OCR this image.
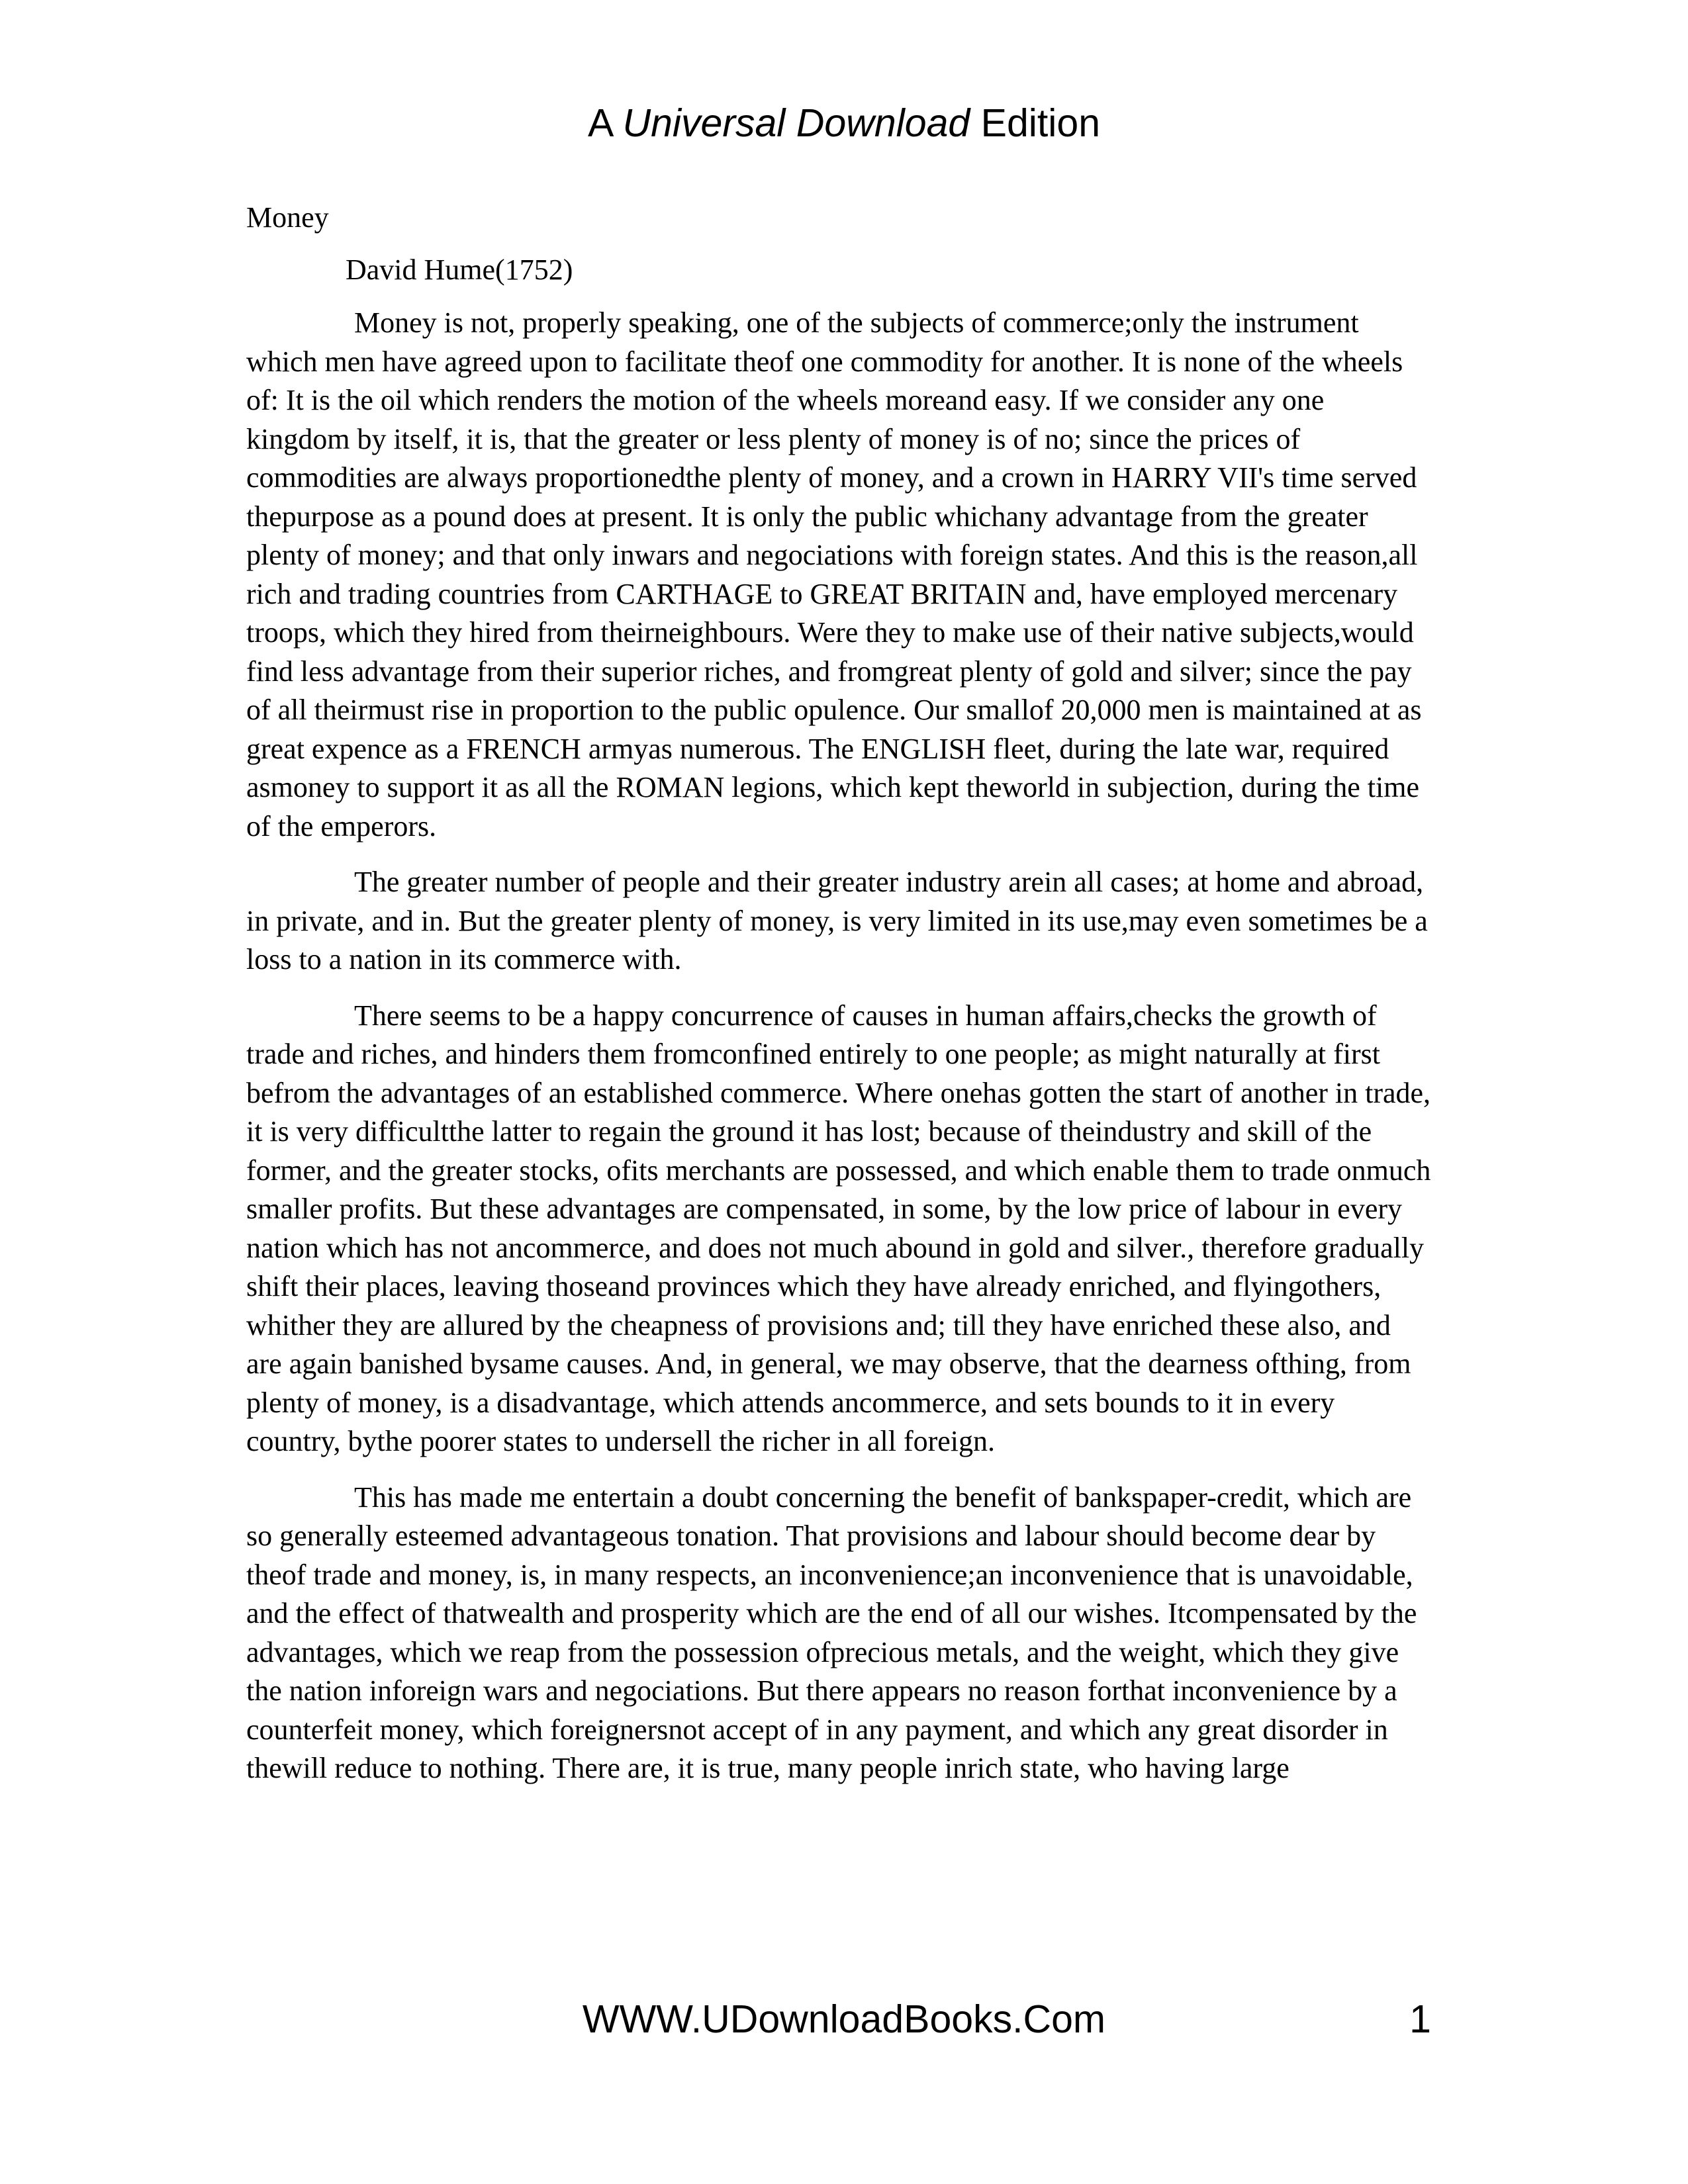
A Universal Download Edition
Money
David Hume(1752)

Money is not, properly speaking, one of the subjects of commerce;only the instrument which men have agreed upon to facilitate theof one commodity for another. It is none of the wheels of: It is the oil which renders the motion of the wheels moreand easy. If we consider any one kingdom by itself, it is, that the greater or less plenty of money is of no; since the prices of commodities are always proportionedthe plenty of money, and a crown in HARRY VII's time served thepurpose as a pound does at present. It is only the public whichany advantage from the greater plenty of money; and that only inwars and negociations with foreign states. And this is the reason,all rich and trading countries from CARTHAGE to GREAT BRITAIN and, have employed mercenary troops, which they hired from theirneighbours. Were they to make use of their native subjects,would find less advantage from their superior riches, and fromgreat plenty of gold and silver; since the pay of all theirmust rise in proportion to the public opulence. Our smallof 20,000 men is maintained at as great expence as a FRENCH armyas numerous. The ENGLISH fleet, during the late war, required asmoney to support it as all the ROMAN legions, which kept theworld in subjection, during the time of the emperors.

The greater number of people and their greater industry arein all cases; at home and abroad, in private, and in. But the greater plenty of money, is very limited in its use,may even sometimes be a loss to a nation in its commerce with.

There seems to be a happy concurrence of causes in human affairs,checks the growth of trade and riches, and hinders them fromconfined entirely to one people; as might naturally at first befrom the advantages of an established commerce. Where onehas gotten the start of another in trade, it is very difficultthe latter to regain the ground it has lost; because of theindustry and skill of the former, and the greater stocks, ofits merchants are possessed, and which enable them to trade onmuch smaller profits. But these advantages are compensated, in some, by the low price of labour in every nation which has not ancommerce, and does not much abound in gold and silver., therefore gradually shift their places, leaving thoseand provinces which they have already enriched, and flyingothers, whither they are allured by the cheapness of provisions and; till they have enriched these also, and are again banished bysame causes. And, in general, we may observe, that the dearness ofthing, from plenty of money, is a disadvantage, which attends ancommerce, and sets bounds to it in every country, bythe poorer states to undersell the richer in all foreign.

This has made me entertain a doubt concerning the benefit of bankspaper-credit, which are so generally esteemed advantageous tonation. That provisions and labour should become dear by theof trade and money, is, in many respects, an inconvenience;an inconvenience that is unavoidable, and the effect of thatwealth and prosperity which are the end of all our wishes. Itcompensated by the advantages, which we reap from the possession ofprecious metals, and the weight, which they give the nation inforeign wars and negociations. But there appears no reason forthat inconvenience by a counterfeit money, which foreignersnot accept of in any payment, and which any great disorder in thewill reduce to nothing. There are, it is true, many people inrich state, who having large

WWW.UDownloadBooks.Com	1
